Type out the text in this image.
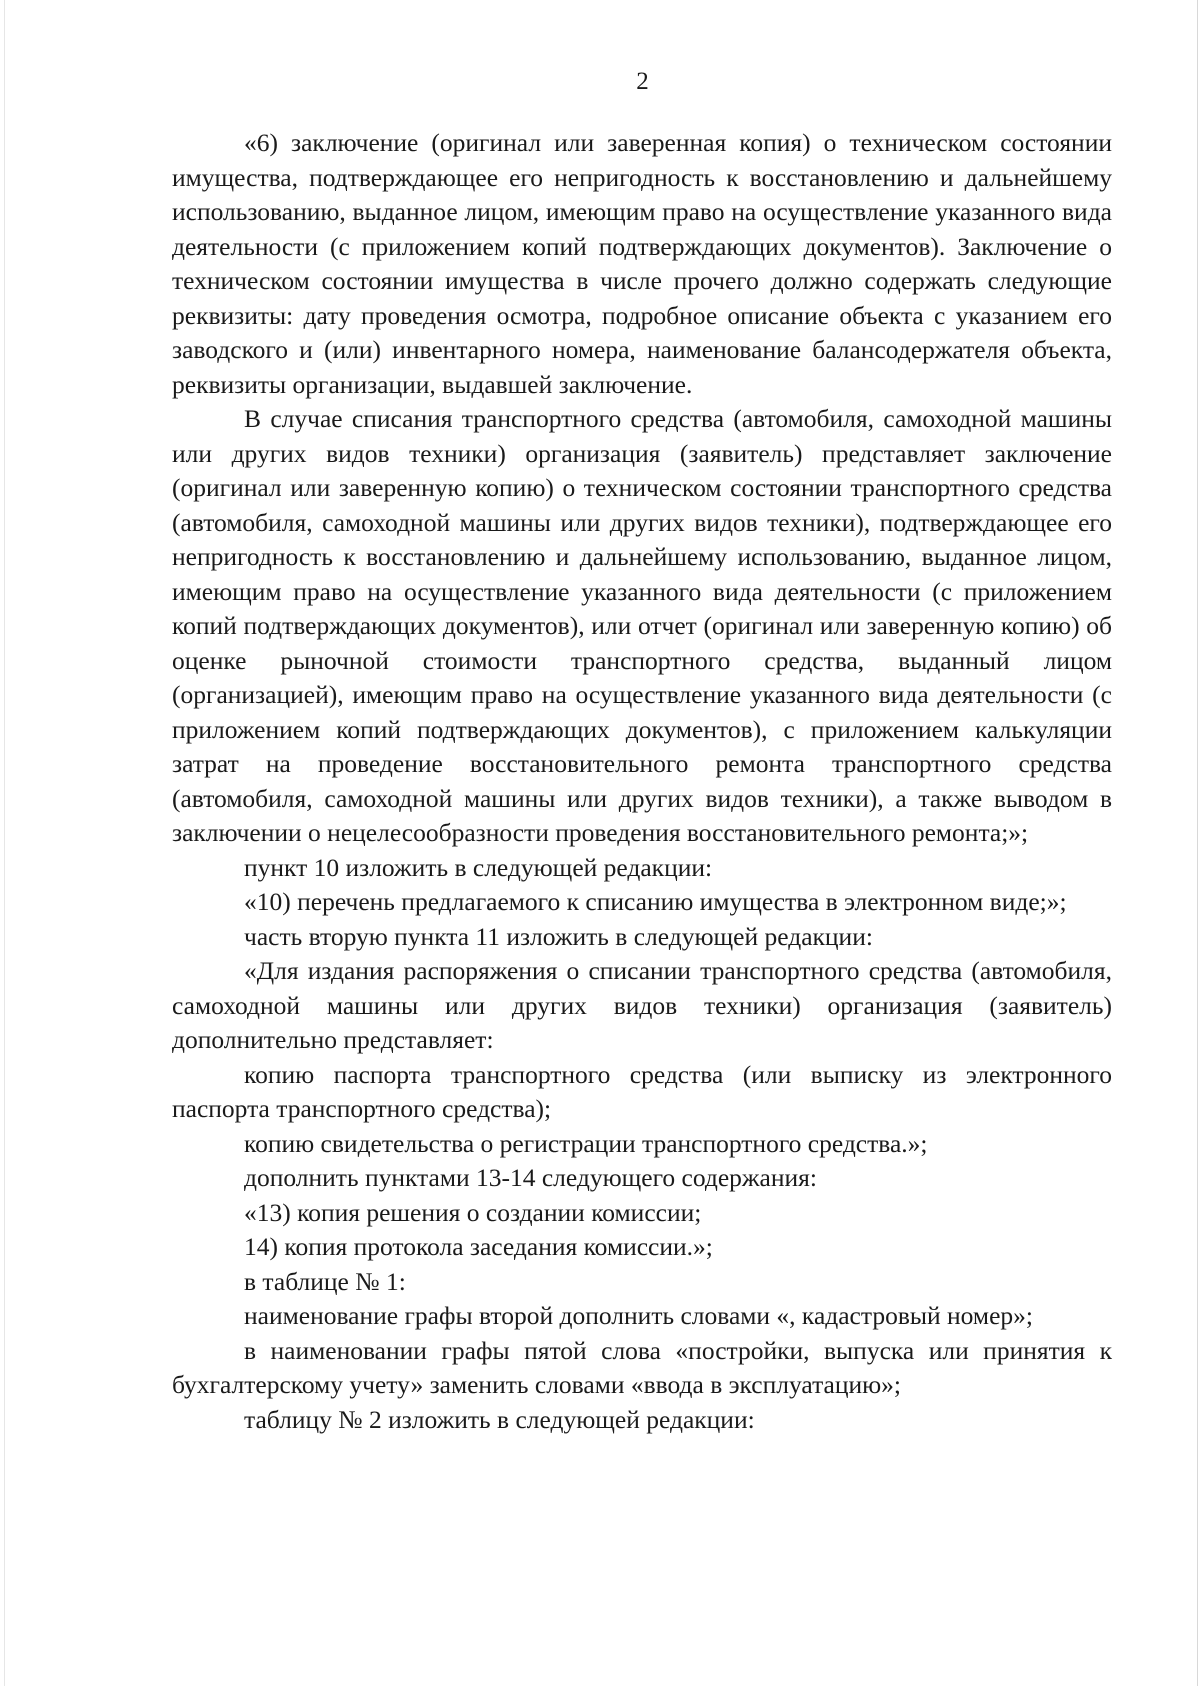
2

«6) заключение (оригинал или заверенная копия) о техническом состоянии имущества, подтверждающее его непригодность к восстановлению и дальнейшему использованию, выданное лицом, имеющим право на осуществление указанного вида деятельности (с приложением копий подтверждающих документов). Заключение о техническом состоянии имущества в числе прочего должно содержать следующие реквизиты: дату проведения осмотра, подробное описание объекта с указанием его заводского и (или) инвентарного номера, наименование балансодержателя объекта, реквизиты организации, выдавшей заключение.

В случае списания транспортного средства (автомобиля, самоходной машины или других видов техники) организация (заявитель) представляет заключение (оригинал или заверенную копию) о техническом состоянии транспортного средства (автомобиля, самоходной машины или других видов техники), подтверждающее его непригодность к восстановлению и дальнейшему использованию, выданное лицом, имеющим право на осуществление указанного вида деятельности (с приложением копий подтверждающих документов), или отчет (оригинал или заверенную копию) об оценке рыночной стоимости транспортного средства, выданный лицом (организацией), имеющим право на осуществление указанного вида деятельности (с приложением копий подтверждающих документов), с приложением калькуляции затрат на проведение восстановительного ремонта транспортного средства (автомобиля, самоходной машины или других видов техники), а также выводом в заключении о нецелесообразности проведения восстановительного ремонта;»;

пункт 10 изложить в следующей редакции:

«10) перечень предлагаемого к списанию имущества в электронном виде;»;

часть вторую пункта 11 изложить в следующей редакции:

«Для издания распоряжения о списании транспортного средства (автомобиля, самоходной машины или других видов техники) организация (заявитель) дополнительно представляет:

копию паспорта транспортного средства (или выписку из электронного паспорта транспортного средства);

копию свидетельства о регистрации транспортного средства.»;

дополнить пунктами 13-14 следующего содержания:

«13) копия решения о создании комиссии;

14) копия протокола заседания комиссии.»;

в таблице № 1:

наименование графы второй дополнить словами «, кадастровый номер»;

в наименовании графы пятой слова «постройки, выпуска или принятия к бухгалтерскому учету» заменить словами «ввода в эксплуатацию»;

таблицу № 2 изложить в следующей редакции:
